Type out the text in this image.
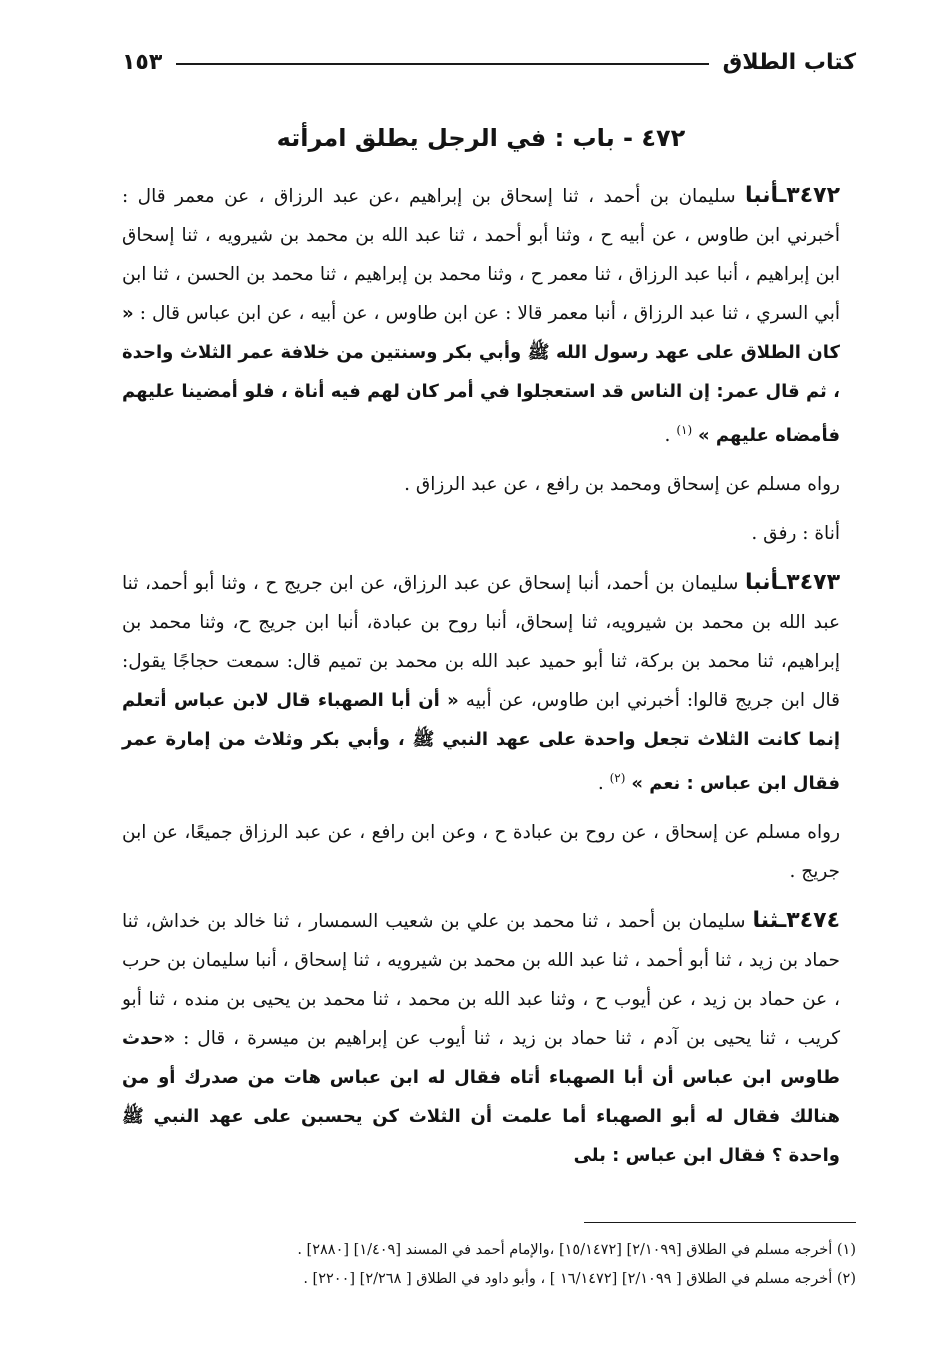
كتاب الطلاق
١٥٣
٤٧٢ - باب : في الرجل يطلق امرأته

٣٤٧٢ـأنبا سليمان بن أحمد ، ثنا إسحاق بن إبراهيم ،عن عبد الرزاق ، عن معمر قال : أخبرني ابن طاوس ، عن أبيه ح ، وثنا أبو أحمد ، ثنا عبد الله بن محمد بن شيرويه ، ثنا إسحاق ابن إبراهيم ، أنبا عبد الرزاق ، ثنا معمر ح ، وثنا محمد بن إبراهيم ، ثنا محمد بن الحسن ، ثنا ابن أبي السري ، ثنا عبد الرزاق ، أنبا معمر قالا : عن ابن طاوس ، عن أبيه ، عن ابن عباس قال : « كان الطلاق على عهد رسول الله ﷺ وأبي بكر وسنتين من خلافة عمر الثلاث واحدة ، ثم قال عمر: إن الناس قد استعجلوا في أمر كان لهم فيه أناة ، فلو أمضينا عليهم فأمضاه عليهم » $^{(١)}$ .

رواه مسلم عن إسحاق ومحمد بن رافع ، عن عبد الرزاق .

أناة : رفق .

٣٤٧٣ـأنبا سليمان بن أحمد، أنبا إسحاق عن عبد الرزاق، عن ابن جريج ح ، وثنا أبو أحمد، ثنا عبد الله بن محمد بن شيرويه، ثنا إسحاق، أنبا روح بن عبادة، أنبا ابن جريج ح، وثنا محمد بن إبراهيم، ثنا محمد بن بركة، ثنا أبو حميد عبد الله بن محمد بن تميم قال: سمعت حجاجًا يقول: قال ابن جريج قالوا: أخبرني ابن طاوس، عن أبيه « أن أبا الصهباء قال لابن عباس أتعلم إنما كانت الثلاث تجعل واحدة على عهد النبي ﷺ ، وأبي بكر وثلاث من إمارة عمر فقال ابن عباس : نعم » $^{(٢)}$ .

رواه مسلم عن إسحاق ، عن روح بن عبادة ح ، وعن ابن رافع ، عن عبد الرزاق جميعًا، عن ابن جريج .

٣٤٧٤ـثنا سليمان بن أحمد ، ثنا محمد بن علي بن شعيب السمسار ، ثنا خالد بن خداش، ثنا حماد بن زيد ، ثنا أبو أحمد ، ثنا عبد الله بن محمد بن شيرويه ، ثنا إسحاق ، أنبا سليمان بن حرب ، عن حماد بن زيد ، عن أيوب ح ، وثنا عبد الله بن محمد ، ثنا محمد بن يحيى بن منده ، ثنا أبو كريب ، ثنا يحيى بن آدم ، ثنا حماد بن زيد ، ثنا أيوب عن إبراهيم بن ميسرة ، قال : «حدث طاوس ابن عباس أن أبا الصهباء أتاه فقال له ابن عباس هات من صدرك أو من هنالك فقال له أبو الصهباء أما علمت أن الثلاث كن يحسبن على عهد النبي ﷺ واحدة ؟ فقال ابن عباس : بلى

(١) أخرجه مسلم في الطلاق [٢/١٠٩٩] [١٥/١٤٧٢] ،والإمام أحمد في المسند [١/٤٠٩] [٢٨٨٠] .
(٢) أخرجه مسلم في الطلاق [ ٢/١٠٩٩] [١٦/١٤٧٢ ] ، وأبو داود في الطلاق [ ٢/٢٦٨] [٢٢٠٠] .
